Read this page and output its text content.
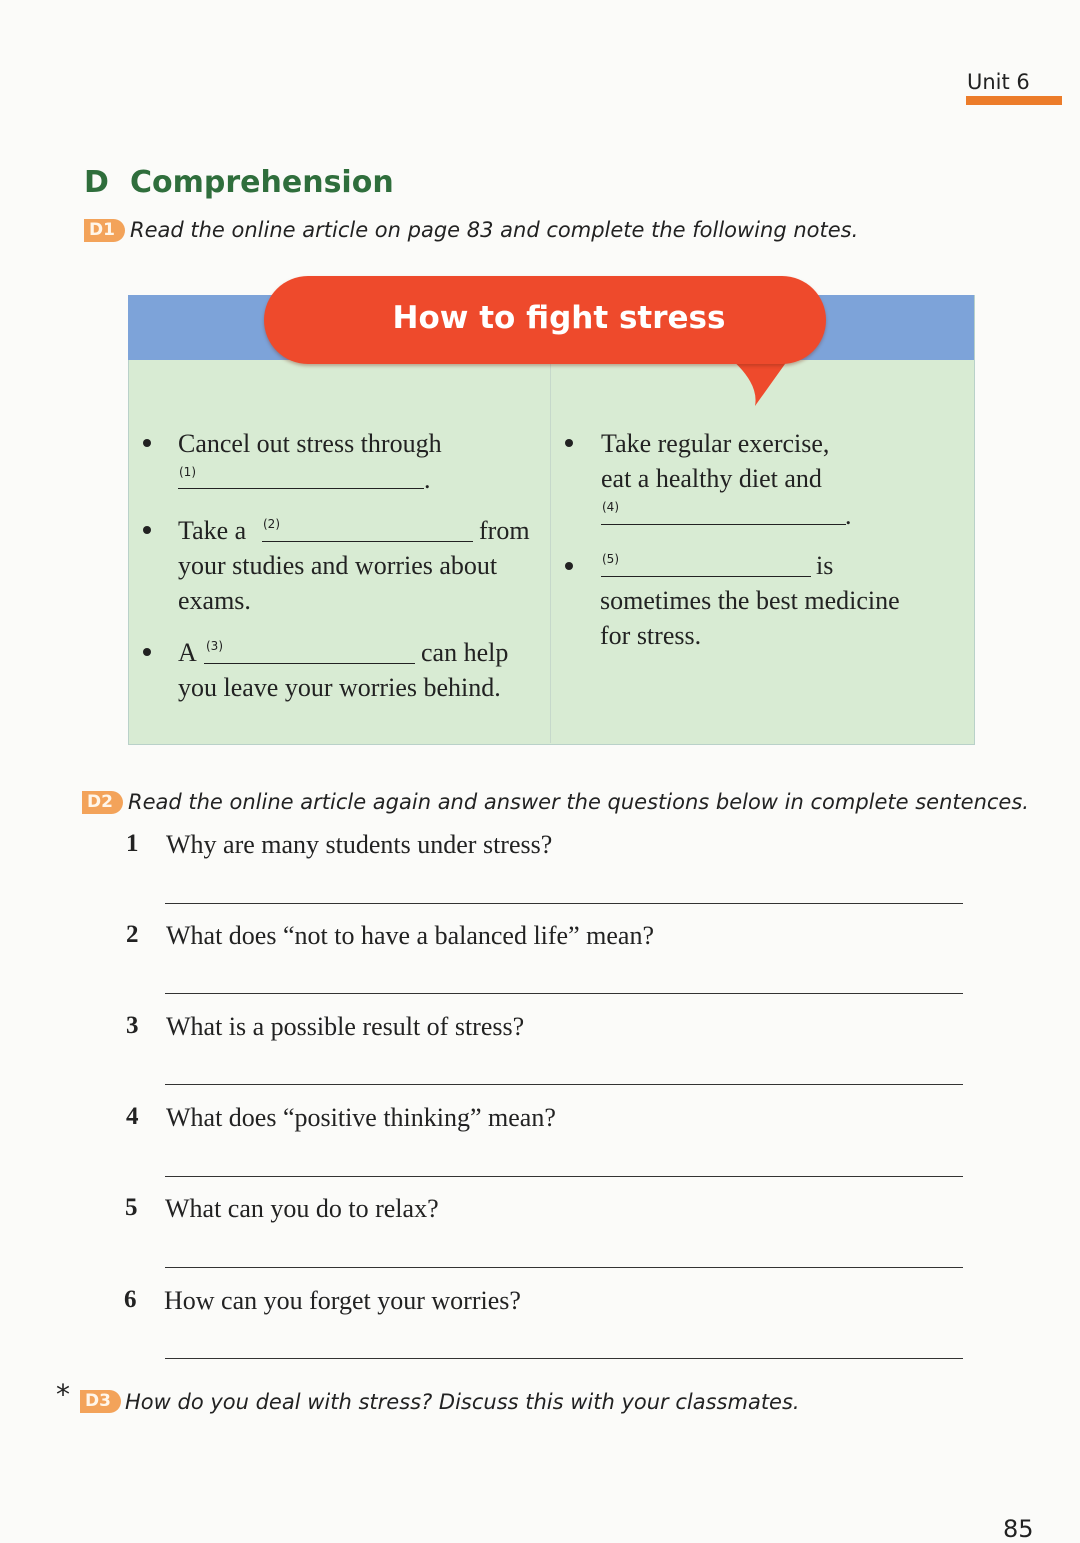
Unit 6
D Comprehension
D1 Read the online article on page 83 and complete the following notes.
How to fight stress
Cancel out stress through
(1)	.
Take a (2)	from
your studies and worries about
exams.
A (3)	can help
you leave your worries behind.
Take regular exercise,
eat a healthy diet and
(4)	.
(5)	is
sometimes the best medicine
for stress.
D2 Read the online article again and answer the questions below in complete sentences.
1 Why are many students under stress?
2 What does “not to have a balanced life” mean?
3 What is a possible result of stress?
4 What does “positive thinking” mean?
5 What can you do to relax?
6 How can you forget your worries?
* D3 How do you deal with stress? Discuss this with your classmates.
85
